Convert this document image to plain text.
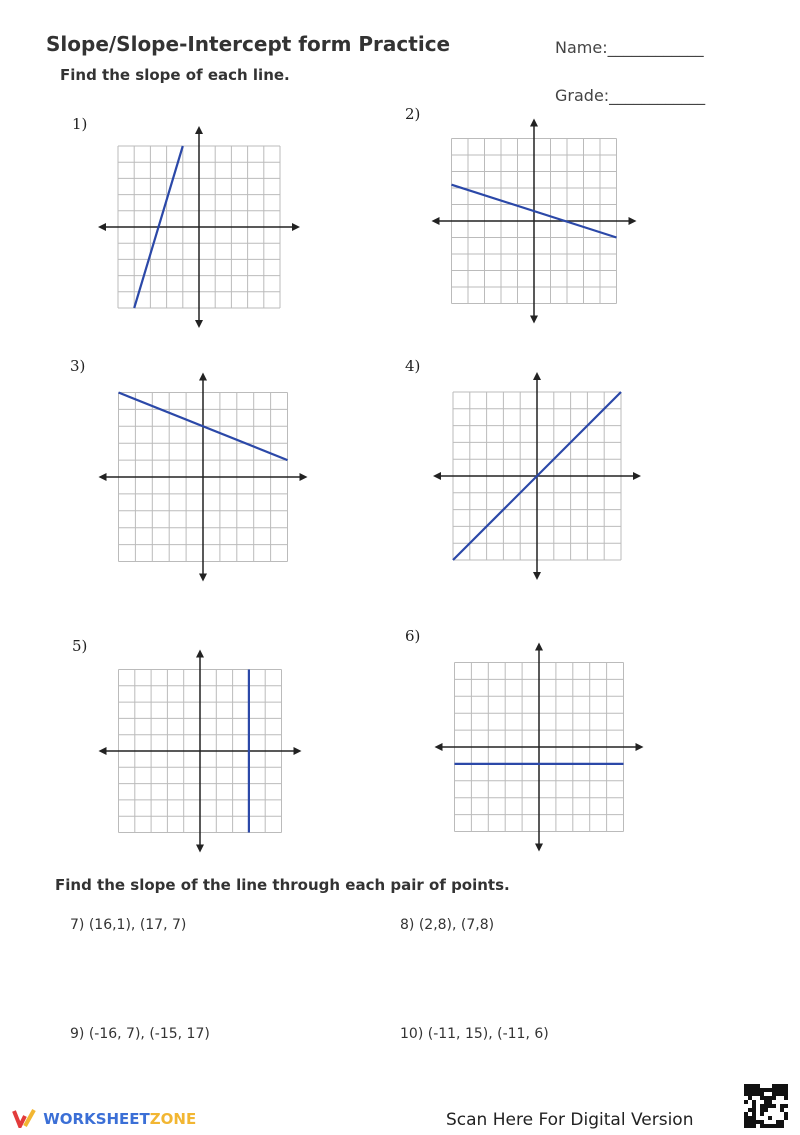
Slope/Slope-Intercept form Practice
Find the slope of each line.
Name:____________
Grade:____________
1)
2)
3)	4)
5)
6)
Find the slope of the line through each pair of points.
7) (16,1), (17, 7)	8) (2,8), (7,8)
9) (-16, 7), (-15, 17)	10) (-11, 15), (-11, 6)
WORKSHEETZONE	Scan Here For Digital Version
